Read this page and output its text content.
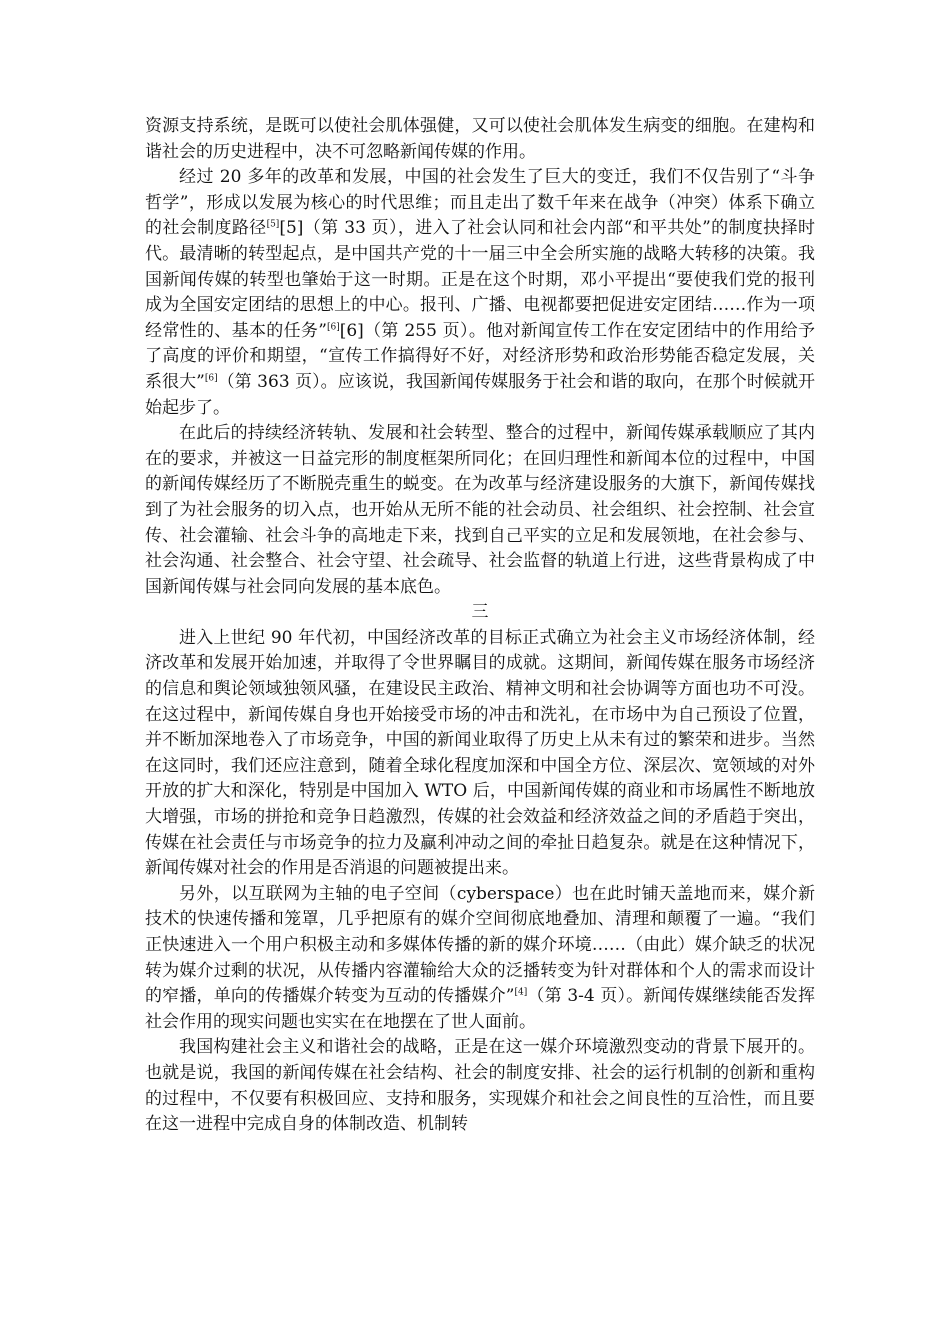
资源支持系统，是既可以使社会肌体强健，又可以使社会肌体发生病变的细胞。在建构和谐社会的历史进程中，决不可忽略新闻传媒的作用。

经过 20 多年的改革和发展，中国的社会发生了巨大的变迁，我们不仅告别了“斗争哲学”，形成以发展为核心的时代思维；而且走出了数千年来在战争（冲突）体系下确立的社会制度路径[5][5]（第 33 页），进入了社会认同和社会内部“和平共处”的制度抉择时代。最清晰的转型起点，是中国共产党的十一届三中全会所实施的战略大转移的决策。我国新闻传媒的转型也肇始于这一时期。正是在这个时期，邓小平提出“要使我们党的报刊成为全国安定团结的思想上的中心。报刊、广播、电视都要把促进安定团结……作为一项经常性的、基本的任务”[6][6]（第 255 页）。他对新闻宣传工作在安定团结中的作用给予了高度的评价和期望，“宣传工作搞得好不好，对经济形势和政治形势能否稳定发展，关系很大”[6]（第 363 页）。应该说，我国新闻传媒服务于社会和谐的取向，在那个时候就开始起步了。

在此后的持续经济转轨、发展和社会转型、整合的过程中，新闻传媒承载顺应了其内在的要求，并被这一日益完形的制度框架所同化；在回归理性和新闻本位的过程中，中国的新闻传媒经历了不断脱壳重生的蜕变。在为改革与经济建设服务的大旗下，新闻传媒找到了为社会服务的切入点，也开始从无所不能的社会动员、社会组织、社会控制、社会宣传、社会灌输、社会斗争的高地走下来，找到自己平实的立足和发展领地，在社会参与、社会沟通、社会整合、社会守望、社会疏导、社会监督的轨道上行进，这些背景构成了中国新闻传媒与社会同向发展的基本底色。

三

进入上世纪 90 年代初，中国经济改革的目标正式确立为社会主义市场经济体制，经济改革和发展开始加速，并取得了令世界瞩目的成就。这期间，新闻传媒在服务市场经济的信息和舆论领域独领风骚，在建设民主政治、精神文明和社会协调等方面也功不可没。在这过程中，新闻传媒自身也开始接受市场的冲击和洗礼，在市场中为自己预设了位置，并不断加深地卷入了市场竞争，中国的新闻业取得了历史上从未有过的繁荣和进步。当然在这同时，我们还应注意到，随着全球化程度加深和中国全方位、深层次、宽领域的对外开放的扩大和深化，特别是中国加入 WTO 后，中国新闻传媒的商业和市场属性不断地放大增强，市场的拼抢和竞争日趋激烈，传媒的社会效益和经济效益之间的矛盾趋于突出，传媒在社会责任与市场竞争的拉力及赢利冲动之间的牵扯日趋复杂。就是在这种情况下，新闻传媒对社会的作用是否消退的问题被提出来。

另外，以互联网为主轴的电子空间（cyberspace）也在此时铺天盖地而来，媒介新技术的快速传播和笼罩，几乎把原有的媒介空间彻底地叠加、清理和颠覆了一遍。“我们正快速进入一个用户积极主动和多媒体传播的新的媒介环境……（由此）媒介缺乏的状况转为媒介过剩的状况，从传播内容灌输给大众的泛播转变为针对群体和个人的需求而设计的窄播，单向的传播媒介转变为互动的传播媒介”[4]（第 3-4 页）。新闻传媒继续能否发挥社会作用的现实问题也实实在在地摆在了世人面前。

我国构建社会主义和谐社会的战略，正是在这一媒介环境激烈变动的背景下展开的。也就是说，我国的新闻传媒在社会结构、社会的制度安排、社会的运行机制的创新和重构的过程中，不仅要有积极回应、支持和服务，实现媒介和社会之间良性的互洽性，而且要在这一进程中完成自身的体制改造、机制转
